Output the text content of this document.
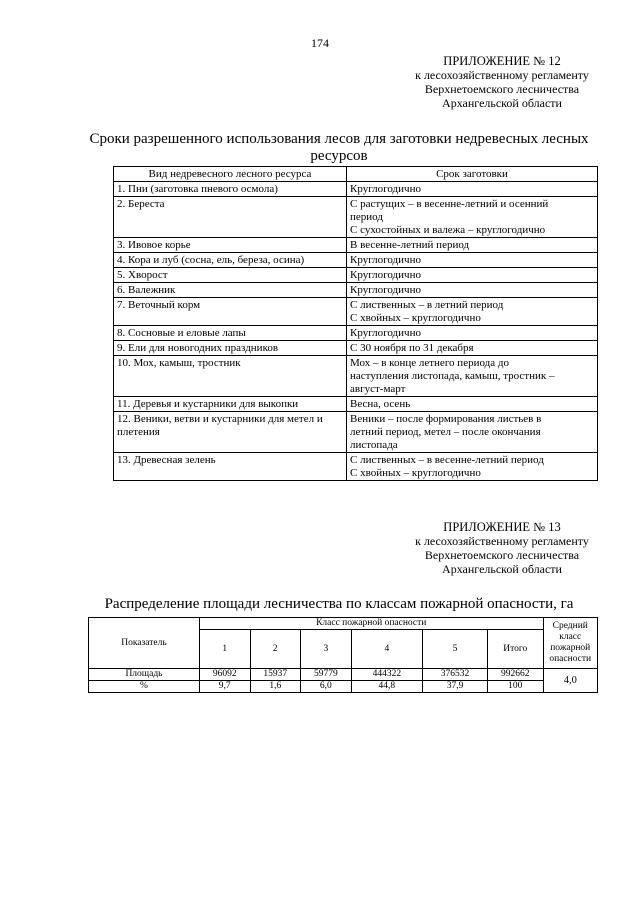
174
ПРИЛОЖЕНИЕ № 12
к лесохозяйственному регламенту
Верхнетоемского лесничества
Архангельской области
Сроки разрешенного использования лесов для заготовки недревесных лесных
ресурсов
Вид недревесного лесного ресурса	Срок заготовки
1. Пни (заготовка пневого осмола)	Круглогодично

2. Береста	С растущих – в весенне-летний и осенний
период
С сухостойных и валежа – круглогодично

3. Ивовое корье	В весенне-летний период

4. Кора и луб (сосна, ель, береза, осина)	Круглогодично

5. Хворост	Круглогодично

6. Валежник	Круглогодично

7. Веточный корм	С лиственных – в летний период
С хвойных – круглогодично

8. Сосновые и еловые лапы	Круглогодично

9. Ели для новогодних праздников	С 30 ноября по 31 декабря

10. Мох, камыш, тростник	Мох – в конце летнего периода до
наступления листопада, камыш, тростник –
август-март

11. Деревья и кустарники для выкопки	Весна, осень

12. Веники, ветви и кустарники для метел и плетения	Веники – после формирования листьев в
летний период, метел – после окончания
листопада

13. Древесная зелень	С лиственных – в весенне-летний период
С хвойных – круглогодично
ПРИЛОЖЕНИЕ № 13
к лесохозяйственному регламенту
Верхнетоемского лесничества
Архангельской области
Распределение площади лесничества по классам пожарной опасности, га
Показатель	Класс пожарной опасности						Средний класс пожарной опасности
	1	2	3	4	5	Итого	
Площадь	96092	15937	59779	444322	376532	992662	4,0
%	9,7	1,6	6,0	44,8	37,9	100	
